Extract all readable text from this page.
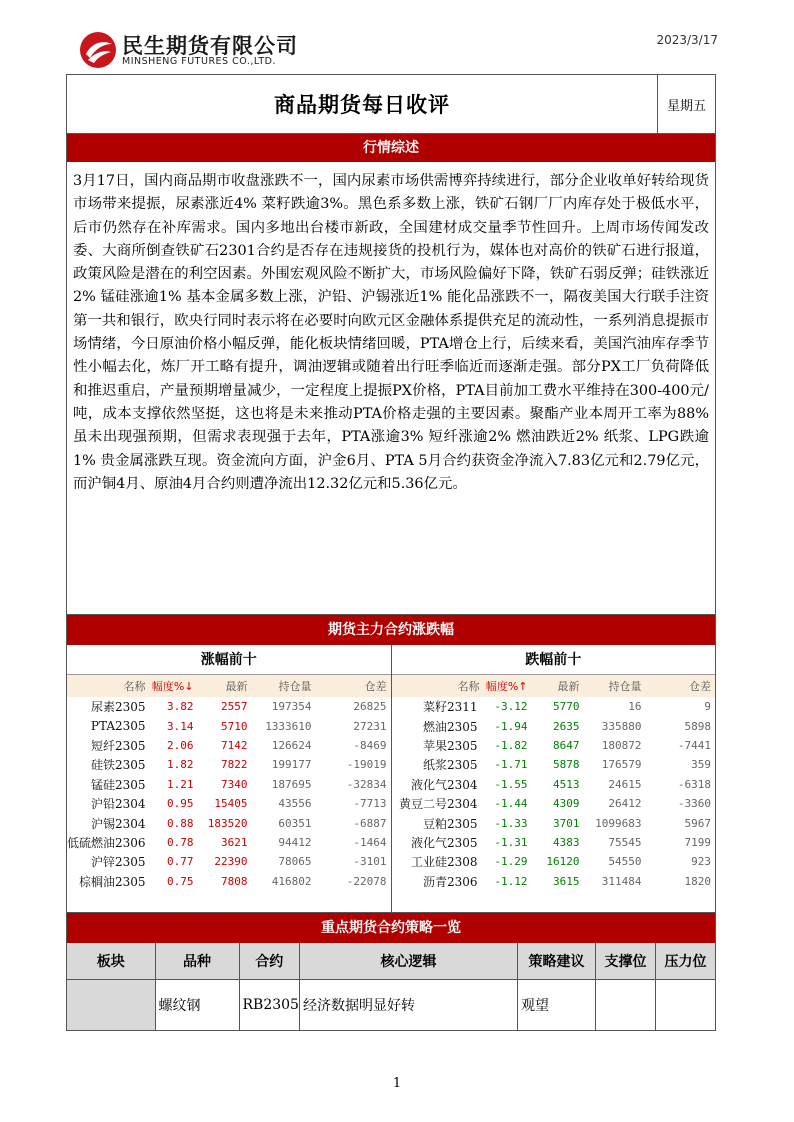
民生期货有限公司
MINSHENG FUTURES CO.,LTD.
2023/3/17
商品期货每日收评	星期五
行情综述
3月17日，国内商品期市收盘涨跌不一，国内尿素市场供需博弈持续进行，部分企业收单好转给现货市场带来提振，尿素涨近4% 菜籽跌逾3%。黑色系多数上涨，铁矿石钢厂厂内库存处于极低水平，后市仍然存在补库需求。国内多地出台楼市新政，全国建材成交量季节性回升。上周市场传闻发改委、大商所倒查铁矿石2301合约是否存在违规接货的投机行为，媒体也对高价的铁矿石进行报道，政策风险是潜在的利空因素。外围宏观风险不断扩大，市场风险偏好下降，铁矿石弱反弹；硅铁涨近2% 锰硅涨逾1% 基本金属多数上涨，沪铅、沪锡涨近1% 能化品涨跌不一，隔夜美国大行联手注资第一共和银行，欧央行同时表示将在必要时向欧元区金融体系提供充足的流动性，一系列消息提振市场情绪，今日原油价格小幅反弹，能化板块情绪回暖，PTA增仓上行，后续来看，美国汽油库存季节性小幅去化，炼厂开工略有提升，调油逻辑或随着出行旺季临近而逐渐走强。部分PX工厂负荷降低和推迟重启，产量预期增量减少，一定程度上提振PX价格，PTA目前加工费水平维持在300-400元/吨，成本支撑依然坚挺，这也将是未来推动PTA价格走强的主要因素。聚酯产业本周开工率为88% 虽未出现强预期，但需求表现强于去年，PTA涨逾3% 短纤涨逾2% 燃油跌近2% 纸浆、LPG跌逾1% 贵金属涨跌互现。资金流向方面，沪金6月、PTA 5月合约获资金净流入7.83亿元和2.79亿元，而沪铜4月、原油4月合约则遭净流出12.32亿元和5.36亿元。
期货主力合约涨跌幅
涨幅前十
名称	幅度%↓	最新	持仓量	仓差
尿素2305	3.82	2557	197354	26825
PTA2305	3.14	5710	1333610	27231
短纤2305	2.06	7142	126624	-8469
硅铁2305	1.82	7822	199177	-19019
锰硅2305	1.21	7340	187695	-32834
沪铅2304	0.95	15405	43556	-7713
沪锡2304	0.88	183520	60351	-6887
低硫燃油2306	0.78	3621	94412	-1464
沪锌2305	0.77	22390	78065	-3101
棕榈油2305	0.75	7808	416802	-22078
跌幅前十
名称	幅度%↑	最新	持仓量	仓差
菜籽2311	-3.12	5770	16	9
燃油2305	-1.94	2635	335880	5898
苹果2305	-1.82	8647	180872	-7441
纸浆2305	-1.71	5878	176579	359
液化气2304	-1.55	4513	24615	-6318
黄豆二号2304	-1.44	4309	26412	-3360
豆粕2305	-1.33	3701	1099683	5967
液化气2305	-1.31	4383	75545	7199
工业硅2308	-1.29	16120	54550	923
沥青2306	-1.12	3615	311484	1820
重点期货合约策略一览
板块	品种	合约	核心逻辑	策略建议	支撑位	压力位
	螺纹钢	RB2305	经济数据明显好转	观望		
1
